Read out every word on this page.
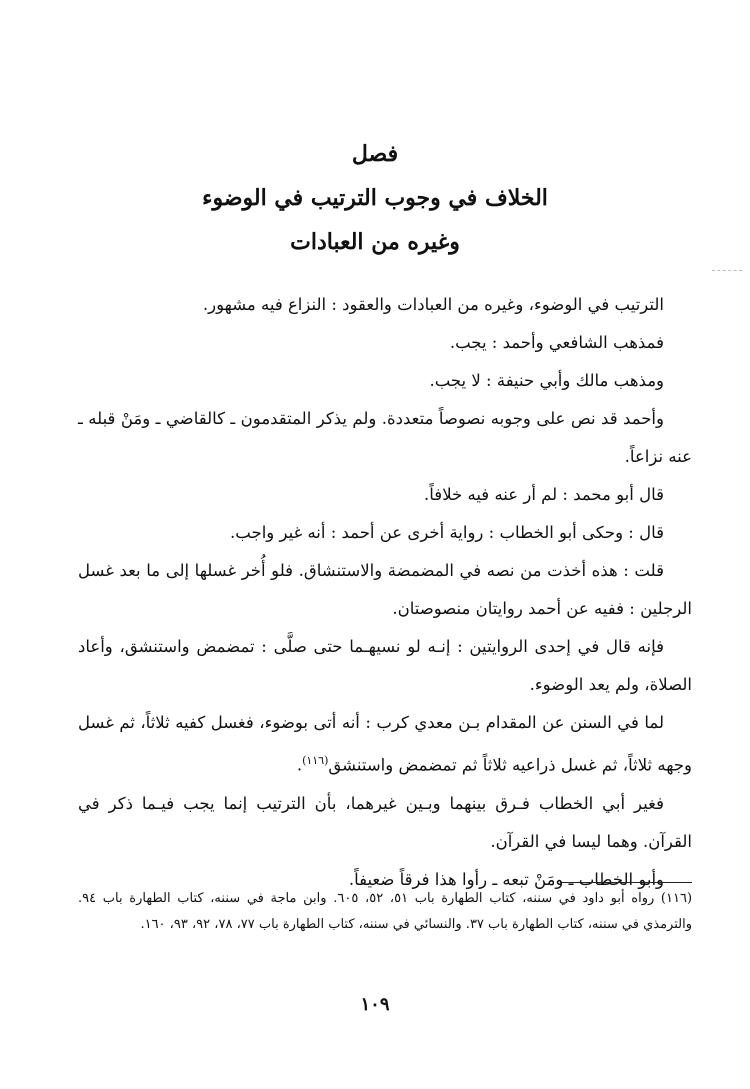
فصل
الخلاف في وجوب الترتيب في الوضوء
وغيره من العبادات

الترتيب في الوضوء، وغيره من العبادات والعقود : النزاع فيه مشهور.

فمذهب الشافعي وأحمد : يجب.

ومذهب مالك وأبي حنيفة : لا يجب.

وأحمد قد نص على وجوبه نصوصاً متعددة. ولم يذكر المتقدمون ـ كالقاضي ـ ومَنْ قبله ـ عنه نزاعاً.

قال أبو محمد : لم أر عنه فيه خلافاً.

قال : وحكى أبو الخطاب : رواية أخرى عن أحمد : أنه غير واجب.

قلت : هذه أخذت من نصه في المضمضة والاستنشاق. فلو أُخر غسلها إلى ما بعد غسل الرجلين : ففيه عن أحمد روايتان منصوصتان.

فإنه قال في إحدى الروايتين : إنـه لو نسيهـما حتى صلَّى : تمضمض واستنشق، وأعاد الصلاة، ولم يعد الوضوء.

لما في السنن عن المقدام بـن معدي كرب : أنه أتى بوضوء، فغسل كفيه ثلاثاً، ثم غسل وجهه ثلاثاً، ثم غسل ذراعيه ثلاثاً ثم تمضمض واستنشق$^{(١١٦)}$.

فغير أبي الخطاب فـرق بينهما وبـين غيرهما، بأن الترتيب إنما يجب فيـما ذكر في القرآن. وهما ليسا في القرآن.

وأبو الخطاب ـ ومَنْ تبعه ـ رأوا هذا فرقاً ضعيفاً.

(١١٦) رواه أبو داود في سننه، كتاب الطهارة باب ٥١، ٥٢، ٦٠٥. وابن ماجة في سننه، كتاب الطهارة باب ٩٤. والترمذي في سننه، كتاب الطهارة باب ٣٧. والنسائي في سننه، كتاب الطهارة باب ٧٧، ٧٨، ٩٢، ٩٣، ١٦٠.
١٠٩
